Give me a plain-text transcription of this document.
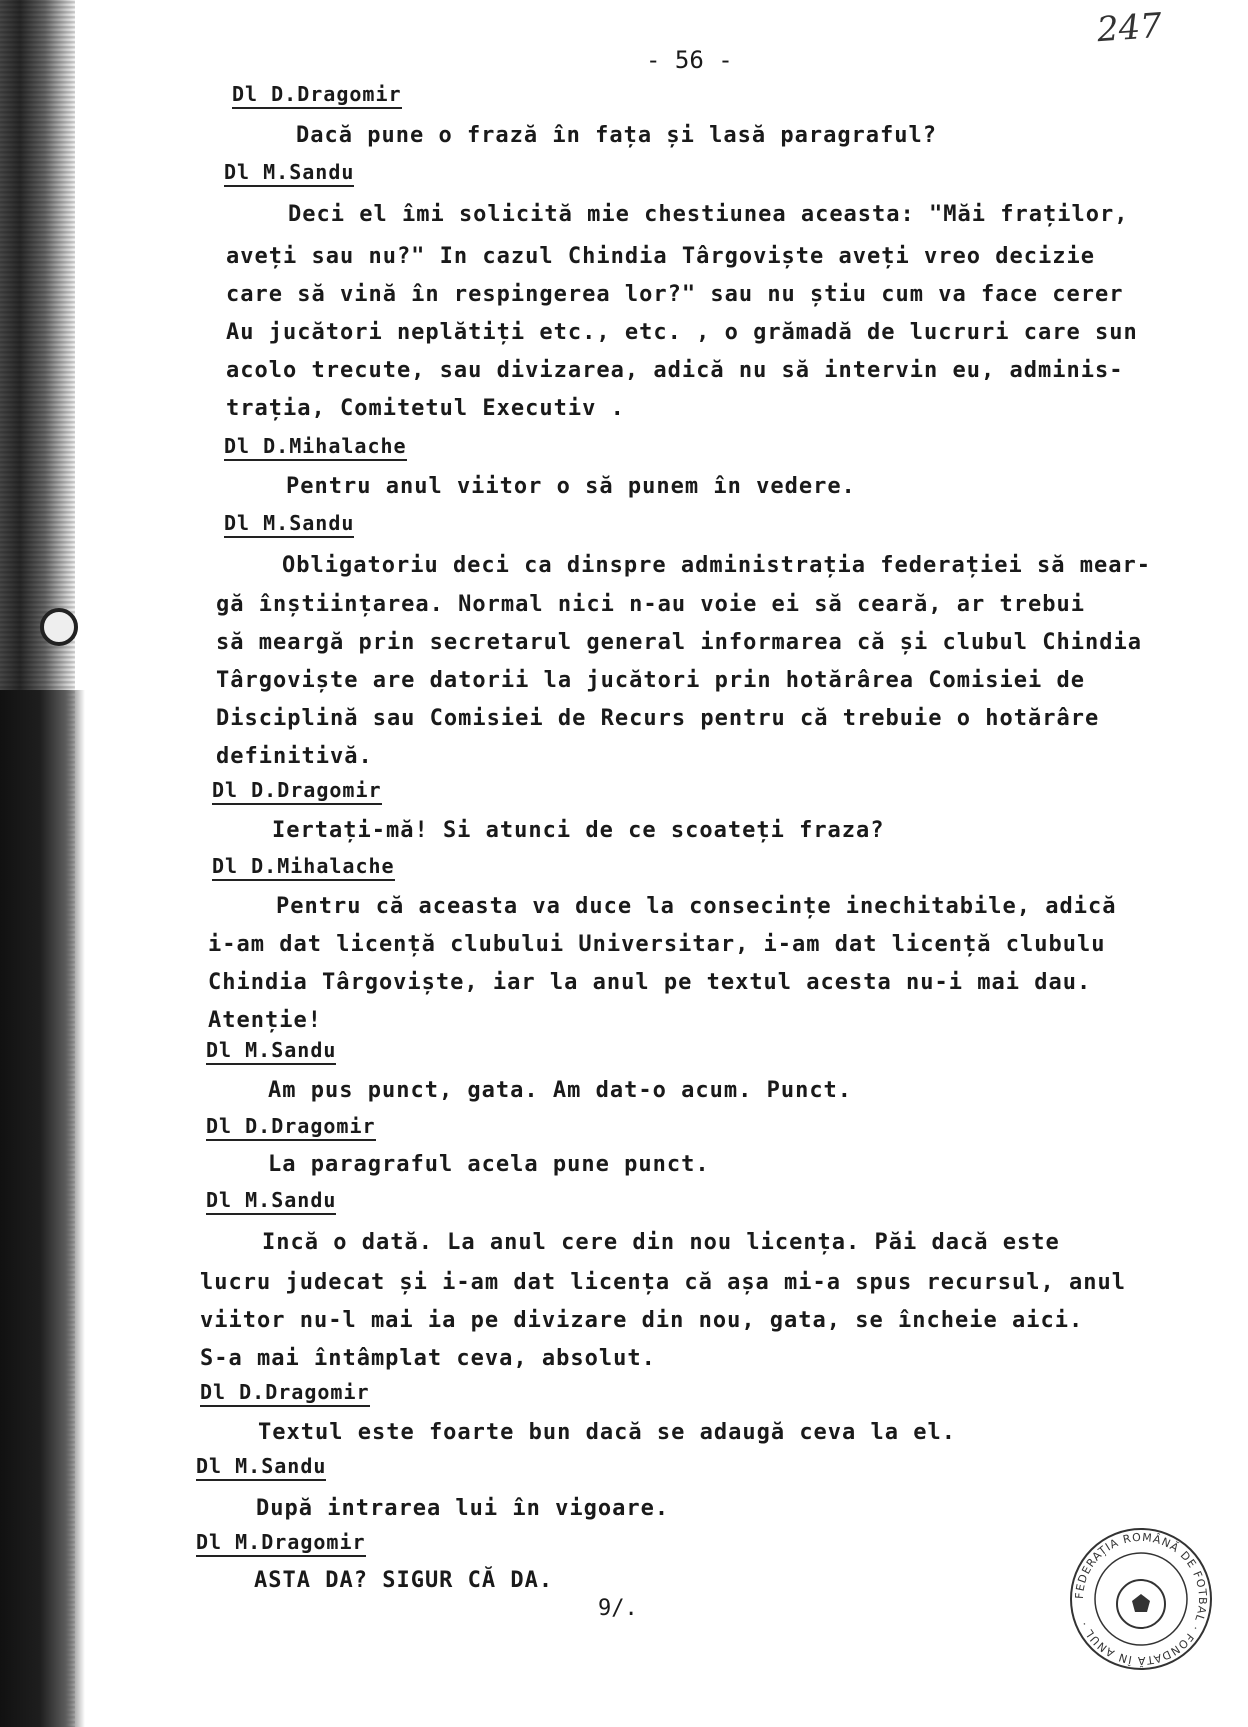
247
- 56 -
Dl D.Dragomir
Dacă pune o frază în fața și lasă paragraful?
Dl M.Sandu
Deci el îmi solicită mie chestiunea aceasta: "Măi fraților,
aveți sau nu?" In cazul Chindia Târgoviște aveți vreo decizie
care să vină în respingerea lor?" sau nu știu cum va face cerer
Au jucători neplătiți etc., etc. , o grămadă de lucruri care sun
acolo trecute, sau divizarea, adică nu să intervin eu, adminis-
trația, Comitetul Executiv .
Dl D.Mihalache
Pentru anul viitor o să punem în vedere.
Dl M.Sandu
Obligatoriu deci ca dinspre administrația federației să mear-
gă înștiințarea. Normal nici n-au voie ei să ceară, ar trebui
să meargă prin secretarul general informarea că și clubul Chindia
Târgoviște are datorii la jucători prin hotărârea Comisiei de
Disciplină sau Comisiei de Recurs pentru că trebuie o hotărâre
definitivă.
Dl D.Dragomir
Iertați-mă! Si atunci de ce scoateți fraza?
Dl D.Mihalache
Pentru că aceasta va duce la consecințe inechitabile, adică
i-am dat licență clubului Universitar, i-am dat licență clubulu
Chindia Târgoviște, iar la anul pe textul acesta nu-i mai dau.
Atenție!
Dl M.Sandu
Am pus punct, gata. Am dat-o acum. Punct.
Dl D.Dragomir
La paragraful acela pune punct.
Dl M.Sandu
Incă o dată. La anul cere din nou licența. Păi dacă este
lucru judecat și i-am dat licența că așa mi-a spus recursul, anul
viitor nu-l mai ia pe divizare din nou, gata, se încheie aici.
S-a mai întâmplat ceva, absolut.
Dl D.Dragomir
Textul este foarte bun dacă se adaugă ceva la el.
Dl M.Sandu
După intrarea lui în vigoare.
Dl M.Dragomir
ASTA DA? SIGUR CĂ DA.
9/.
FEDERAȚIA ROMÂNĂ DE FOTBAL · FONDATĂ ÎN ANUL ·
